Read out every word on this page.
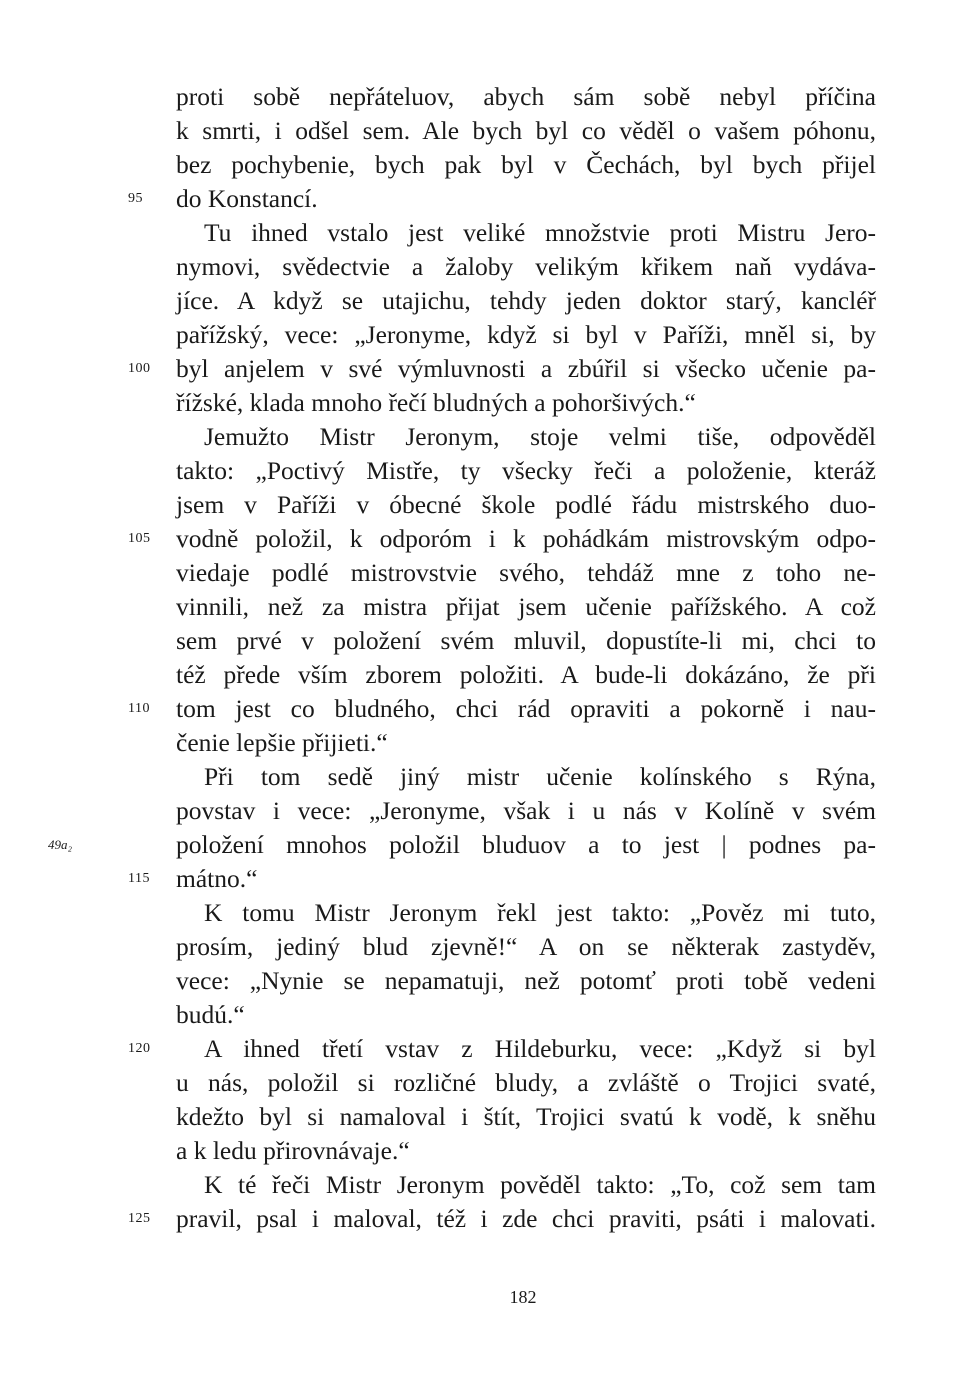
proti sobě nepřáteluov, abych sám sobě nebyl příčina
k smrti, i odšel sem. Ale bych byl co věděl o vašem póhonu,
bez pochybenie, bych pak byl v Čechách, byl bych přijel
95	do Konstancí.
Tu ihned vstalo jest veliké množstvie proti Mistru Jero-
nymovi, svědectvie a žaloby velikým křikem naň vydáva-
jíce. A když se utajichu, tehdy jeden doktor starý, kancléř
pařížský, vece: „Jeronyme, když si byl v Paříži, mněl si, by
100	byl anjelem v své výmluvnosti a zbúřil si všecko učenie pa-
řížské, klada mnoho řečí bludných a pohoršivých.“
Jemužto Mistr Jeronym, stoje velmi tiše, odpověděl
takto: „Poctivý Mistře, ty všecky řeči a položenie, kteráž
jsem v Paříži v óbecné škole podlé řádu mistrského duo-
105	vodně položil, k odporóm i k pohádkám mistrovským odpo-
viedaje podlé mistrovstvie svého, tehdáž mne z toho ne-
vinnili, než za mistra přijat jsem učenie pařížského. A což
sem prvé v položení svém mluvil, dopustíte-li mi, chci to
též přede vším zborem položiti. A bude-li dokázáno, že při
110	tom jest co bludného, chci rád opraviti a pokorně i nau-
čenie lepšie přijieti.“
Při tom sedě jiný mistr učenie kolínského s Rýna,
povstav i vece: „Jeronyme, však i u nás v Kolíně v svém
49a₂	položení mnohos položil bluduov a to jest | podnes pa-
115	mátno.“
K tomu Mistr Jeronym řekl jest takto: „Pověz mi tuto,
prosím, jediný blud zjevně!“ A on se některak zastyděv,
vece: „Nynie se nepamatuji, než potomť proti tobě vedeni
budú.“
120	A ihned třetí vstav z Hildeburku, vece: „Když si byl
u nás, položil si rozličné bludy, a zvláště o Trojici svaté,
kdežto byl si namaloval i štít, Trojici svatú k vodě, k sněhu
a k ledu přirovnávaje.“
K té řeči Mistr Jeronym pověděl takto: „To, což sem tam
125	pravil, psal i maloval, též i zde chci praviti, psáti i malovati.
182
